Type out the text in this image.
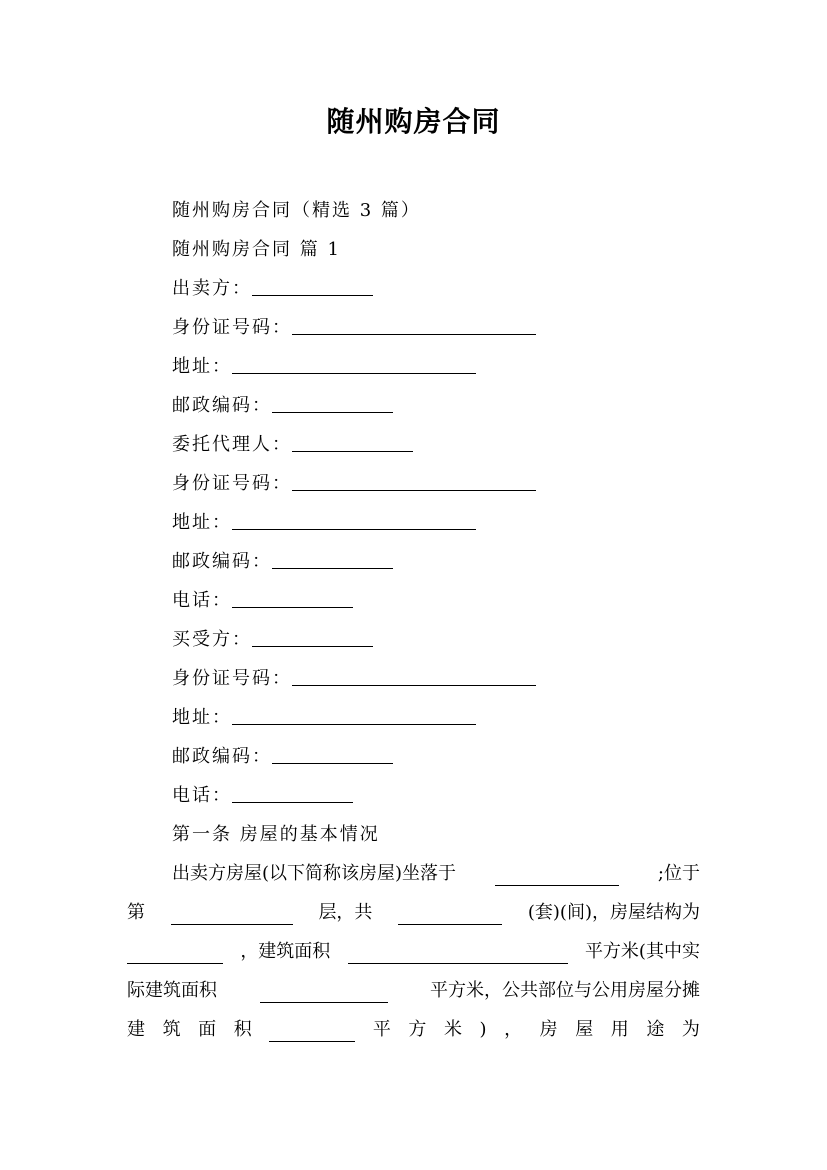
随州购房合同
随州购房合同（精选 3 篇）
随州购房合同 篇 1
出卖方：
身份证号码：
地址：
邮政编码：
委托代理人：
身份证号码：
地址：
邮政编码：
电话：
买受方：
身份证号码：
地址：
邮政编码：
电话：
第一条 房屋的基本情况
出卖方房屋(以下简称该房屋)坐落于	;位于
第	层，共	(套)(间)，房屋结构为
，建筑面积	平方米(其中实
际建筑面积	平方米，公共部位与公用房屋分摊
建 筑 面 积	平 方 米 ) ， 房 屋 用 途 为
